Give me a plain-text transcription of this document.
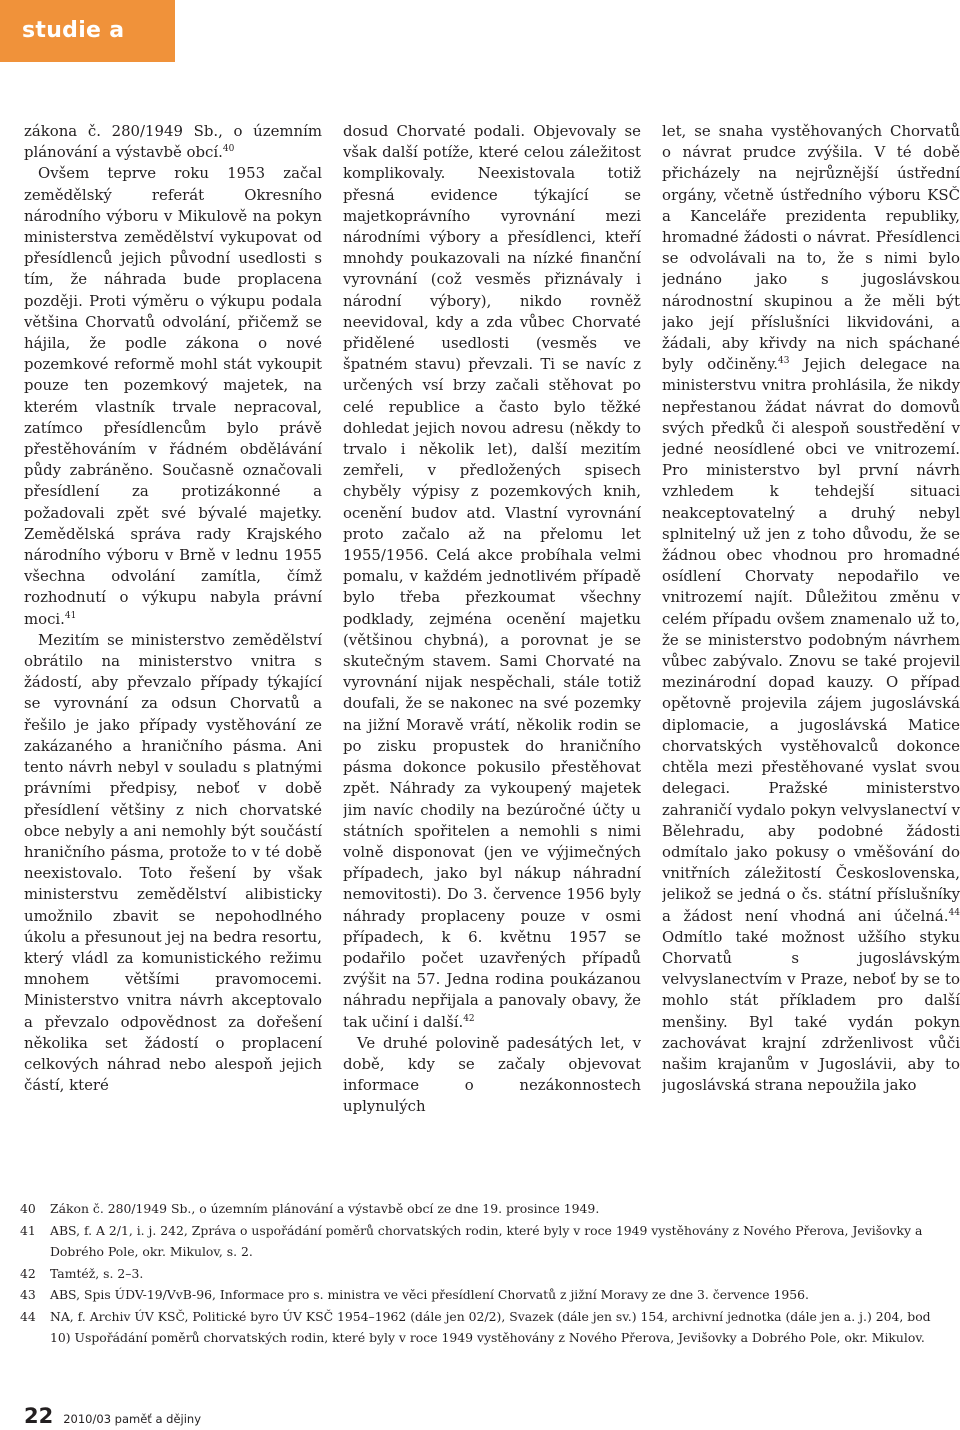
studie a články

zákona č. 280/1949 Sb., o územním plánování a výstavbě obcí.$^{40}$

Ovšem teprve roku 1953 začal zemědělský referát Okresního národního výboru v Mikulově na pokyn ministerstva zemědělství vykupovat od přesídlenců jejich původní usedlosti s tím, že náhrada bude proplacena později. Proti výměru o výkupu podala většina Chorvatů odvolání, přičemž se hájila, že podle zákona o nové pozemkové reformě mohl stát vykoupit pouze ten pozemkový majetek, na kterém vlastník trvale nepracoval, zatímco přesídlencům bylo právě přestěhováním v řádném obdělávání půdy zabráněno. Současně označovali přesídlení za protizákonné a požadovali zpět své bývalé majetky. Zemědělská správa rady Krajského národního výboru v Brně v lednu 1955 všechna odvolání zamítla, čímž rozhodnutí o výkupu nabyla právní moci.$^{41}$

Mezitím se ministerstvo zemědělství obrátilo na ministerstvo vnitra s žádostí, aby převzalo případy týkající se vyrovnání za odsun Chorvatů a řešilo je jako případy vystěhování ze zakázaného a hraničního pásma. Ani tento návrh nebyl v souladu s platnými právními předpisy, neboť v době přesídlení většiny z nich chorvatské obce nebyly a ani nemohly být součástí hraničního pásma, protože to v té době neexistovalo. Toto řešení by však ministerstvu zemědělství alibisticky umožnilo zbavit se nepohodlného úkolu a přesunout jej na bedra resortu, který vládl za komunistického režimu mnohem většími pravomocemi. Ministerstvo vnitra návrh akceptovalo a převzalo odpovědnost za dořešení několika set žádostí o proplacení celkových náhrad nebo alespoň jejich částí, které

dosud Chorvaté podali. Objevovaly se však další potíže, které celou záležitost komplikovaly. Neexistovala totiž přesná evidence týkající se majetkoprávního vyrovnání mezi národními výbory a přesídlenci, kteří mnohdy poukazovali na nízké finanční vyrovnání (což vesměs přiznávaly i národní výbory), nikdo rovněž neevidoval, kdy a zda vůbec Chorvaté přidělené usedlosti (vesměs ve špatném stavu) převzali. Ti se navíc z určených vsí brzy začali stěhovat po celé republice a často bylo těžké dohledat jejich novou adresu (někdy to trvalo i několik let), další mezitím zemřeli, v předložených spisech chyběly výpisy z pozemkových knih, ocenění budov atd. Vlastní vyrovnání proto začalo až na přelomu let 1955/1956. Celá akce probíhala velmi pomalu, v každém jednotlivém případě bylo třeba přezkoumat všechny podklady, zejména ocenění majetku (většinou chybná), a porovnat je se skutečným stavem. Sami Chorvaté na vyrovnání nijak nespěchali, stále totiž doufali, že se nakonec na své pozemky na jižní Moravě vrátí, několik rodin se po zisku propustek do hraničního pásma dokonce pokusilo přestěhovat zpět. Náhrady za vykoupený majetek jim navíc chodily na bezúročné účty u státních spořitelen a nemohli s nimi volně disponovat (jen ve výjimečných případech, jako byl nákup náhradní nemovitosti). Do 3. července 1956 byly náhrady proplaceny pouze v osmi případech, k 6. květnu 1957 se podařilo počet uzavřených případů zvýšit na 57. Jedna rodina poukázanou náhradu nepřijala a panovaly obavy, že tak učiní i další.$^{42}$

Ve druhé polovině padesátých let, v době, kdy se začaly objevovat informace o nezákonnostech uplynulých

let, se snaha vystěhovaných Chorvatů o návrat prudce zvýšila. V té době přicházely na nejrůznější ústřední orgány, včetně ústředního výboru KSČ a Kanceláře prezidenta republiky, hromadné žádosti o návrat. Přesídlenci se odvolávali na to, že s nimi bylo jednáno jako s jugoslávskou národnostní skupinou a že měli být jako její příslušníci likvidováni, a žádali, aby křivdy na nich spáchané byly odčiněny.$^{43}$ Jejich delegace na ministerstvu vnitra prohlásila, že nikdy nepřestanou žádat návrat do domovů svých předků či alespoň soustředění v jedné neosídlené obci ve vnitrozemí. Pro ministerstvo byl první návrh vzhledem k tehdejší situaci neakceptovatelný a druhý nebyl splnitelný už jen z toho důvodu, že se žádnou obec vhodnou pro hromadné osídlení Chorvaty nepodařilo ve vnitrozemí najít. Důležitou změnu v celém případu ovšem znamenalo už to, že se ministerstvo podobným návrhem vůbec zabývalo. Znovu se také projevil mezinárodní dopad kauzy. O případ opětovně projevila zájem jugoslávská diplomacie, a jugoslávská Matice chorvatských vystěhovalců dokonce chtěla mezi přestěhované vyslat svou delegaci. Pražské ministerstvo zahraničí vydalo pokyn velvyslanectví v Bělehradu, aby podobné žádosti odmítalo jako pokusy o vměšování do vnitřních záležitostí Československa, jelikož se jedná o čs. státní příslušníky a žádost není vhodná ani účelná.$^{44}$ Odmítlo také možnost užšího styku Chorvatů s jugoslávským velvyslanectvím v Praze, neboť by se to mohlo stát příkladem pro další menšiny. Byl také vydán pokyn zachovávat krajní zdrženlivost vůči našim krajanům v Jugoslávii, aby to jugoslávská strana nepoužila jako

40	Zákon č. 280/1949 Sb., o územním plánování a výstavbě obcí ze dne 19. prosince 1949.
41	ABS, f. A 2/1, i. j. 242, Zpráva o uspořádání poměrů chorvatských rodin, které byly v roce 1949 vystěhovány z Nového Přerova, Jevišovky a Dobrého Pole, okr. Mikulov, s. 2.
42	Tamtéž, s. 2–3.
43	ABS, Spis ÚDV-19/VvB-96, Informace pro s. ministra ve věci přesídlení Chorvatů z jižní Moravy ze dne 3. července 1956.
44	NA, f. Archiv ÚV KSČ, Politické byro ÚV KSČ 1954–1962 (dále jen 02/2), Svazek (dále jen sv.) 154, archivní jednotka (dále jen a. j.) 204, bod 10) Uspořádání poměrů chorvatských rodin, které byly v roce 1949 vystěhovány z Nového Přerova, Jevišovky a Dobrého Pole, okr. Mikulov.
22 2010/03 paměť a dějiny
